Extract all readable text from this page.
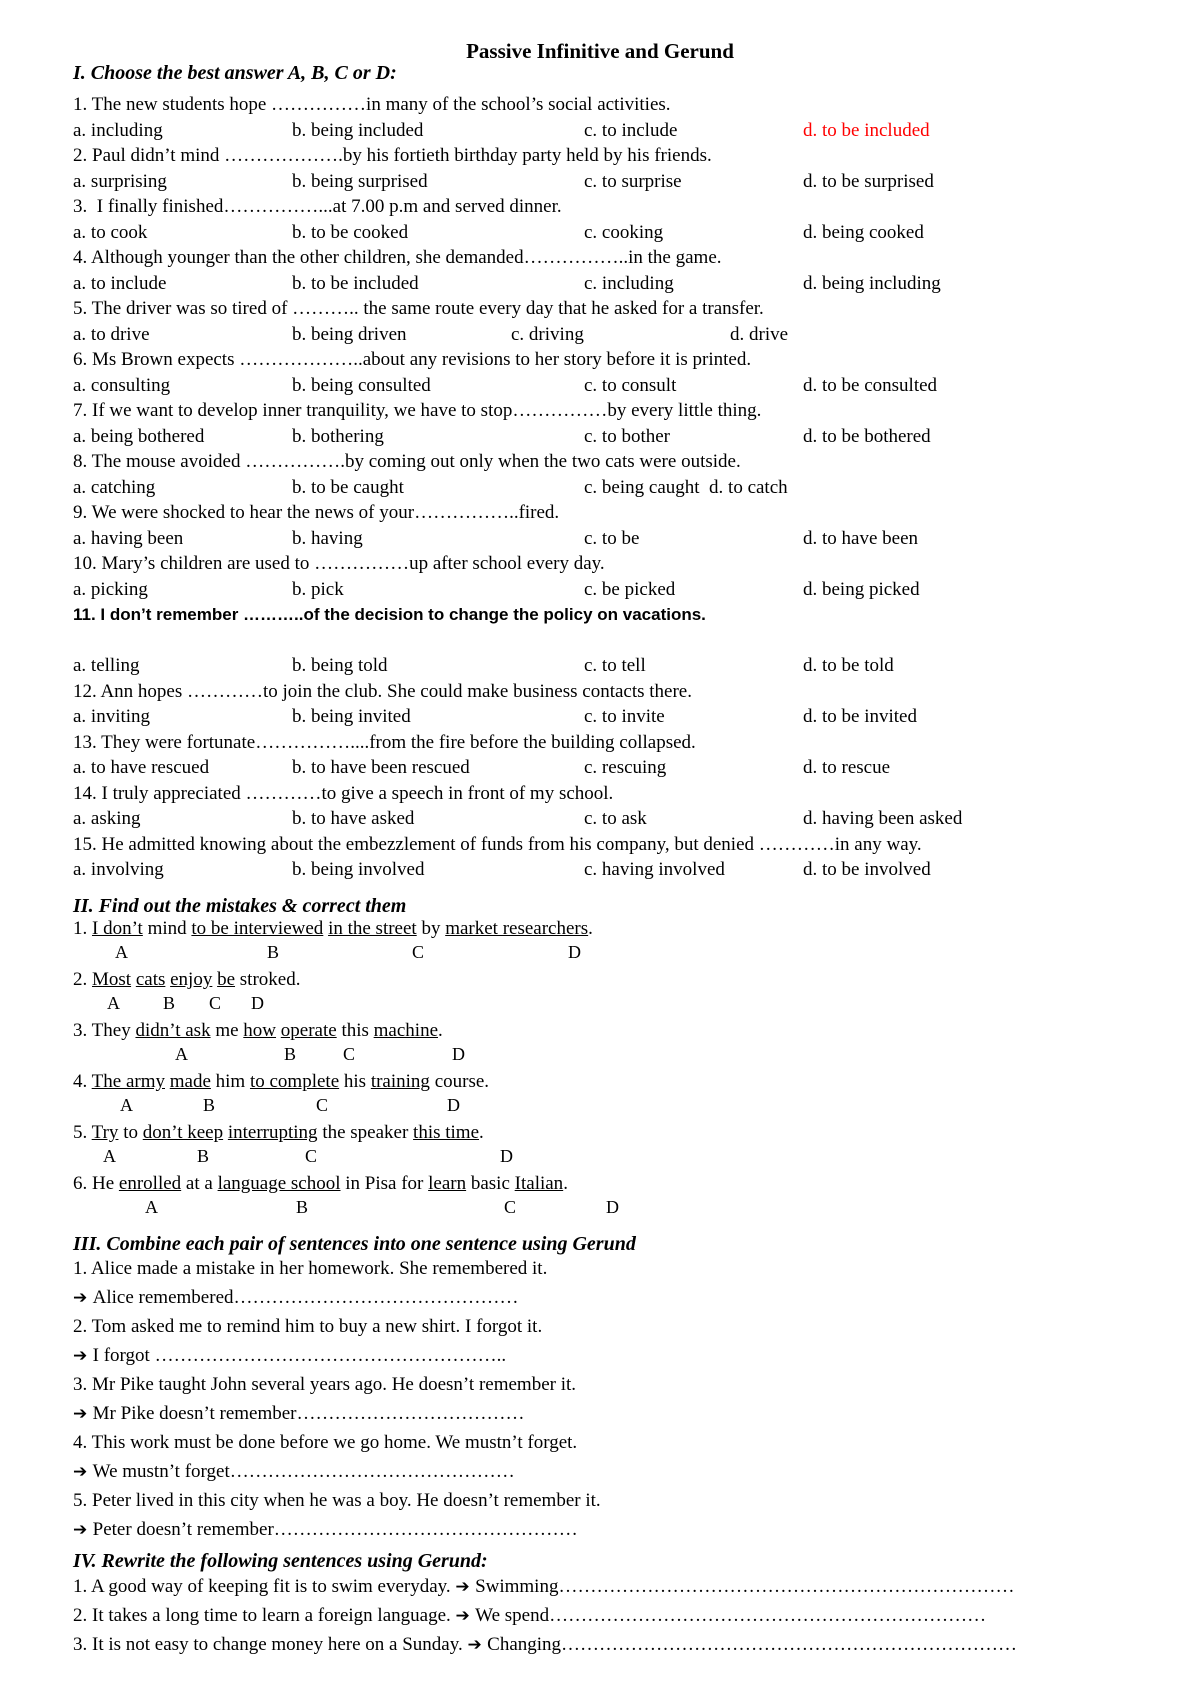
Passive Infinitive and Gerund
I. Choose the best answer A, B, C or D:
1. The new students hope ……………in many of the school’s social activities.
a. including	b. being included	c. to include	d. to be included
2. Paul didn’t mind ……………….by his fortieth birthday party held by his friends.
a. surprising	b. being surprised	c. to surprise	d. to be surprised
3.  I finally finished……………...at 7.00 p.m and served dinner.
a. to cook	b. to be cooked	c. cooking	d. being cooked
4. Although younger than the other children, she demanded……………..in the game.
a. to include	b. to be included	c. including	d. being including
5. The driver was so tired of ……….. the same route every day that he asked for a transfer.
a. to drive	b. being driven	c. driving	d. drive
6. Ms Brown expects ………………..about any revisions to her story before it is printed.
a. consulting	b. being consulted	c. to consult	d. to be consulted
7. If we want to develop inner tranquility, we have to stop……………by every little thing.
a. being bothered	b. bothering	c. to bother	d. to be bothered
8. The mouse avoided …………….by coming out only when the two cats were outside.
a. catching	b. to be caught	c. being caught  d. to catch
9. We were shocked to hear the news of your……………..fired.
a. having been	b. having	c. to be	d. to have been
10. Mary’s children are used to ……………up after school every day.
a. picking	b. pick	c. be picked	d. being picked
11. I don’t remember ………..of the decision to change the policy on vacations.
a. telling	b. being told	c. to tell	d. to be told
12. Ann hopes …………to join the club. She could make business contacts there.
a. inviting	b. being invited	c. to invite	d. to be invited
13. They were fortunate……………....from the fire before the building collapsed.
a. to have rescued	b. to have been rescued	c. rescuing	d. to rescue
14. I truly appreciated …………to give a speech in front of my school.
a. asking	b. to have asked	c. to ask	d. having been asked
15. He admitted knowing about the embezzlement of funds from his company, but denied …………in any way.
a. involving	b. being involved	c. having involved	d. to be involved
II. Find out the mistakes & correct them
1. I don’t mind to be interviewed in the street by market researchers.
A	B	C	D
2. Most cats enjoy be stroked.
A B C D
3. They didn’t ask me how operate this machine.
A	B	C	D
4. The army made him to complete his training course.
A	B	C	D
5. Try to don’t keep interrupting the speaker this time.
A	B	C	D
6. He enrolled at a language school in Pisa for learn basic Italian.
A	B	C	D
III. Combine each pair of sentences into one sentence using Gerund
1. Alice made a mistake in her homework. She remembered it.
➔ Alice remembered………………………………………
2. Tom asked me to remind him to buy a new shirt. I forgot it.
➔ I forgot ………………………………………………..
3. Mr Pike taught John several years ago. He doesn’t remember it.
➔ Mr Pike doesn’t remember………………………………
4. This work must be done before we go home. We mustn’t forget.
➔ We mustn’t forget………………………………………
5. Peter lived in this city when he was a boy. He doesn’t remember it.
➔ Peter doesn’t remember…………………………………………
IV. Rewrite the following sentences using Gerund:
1. A good way of keeping fit is to swim everyday. ➔ Swimming………………………………………………………………
2. It takes a long time to learn a foreign language. ➔ We spend……………………………………………………………
3. It is not easy to change money here on a Sunday. ➔ Changing………………………………………………………………
